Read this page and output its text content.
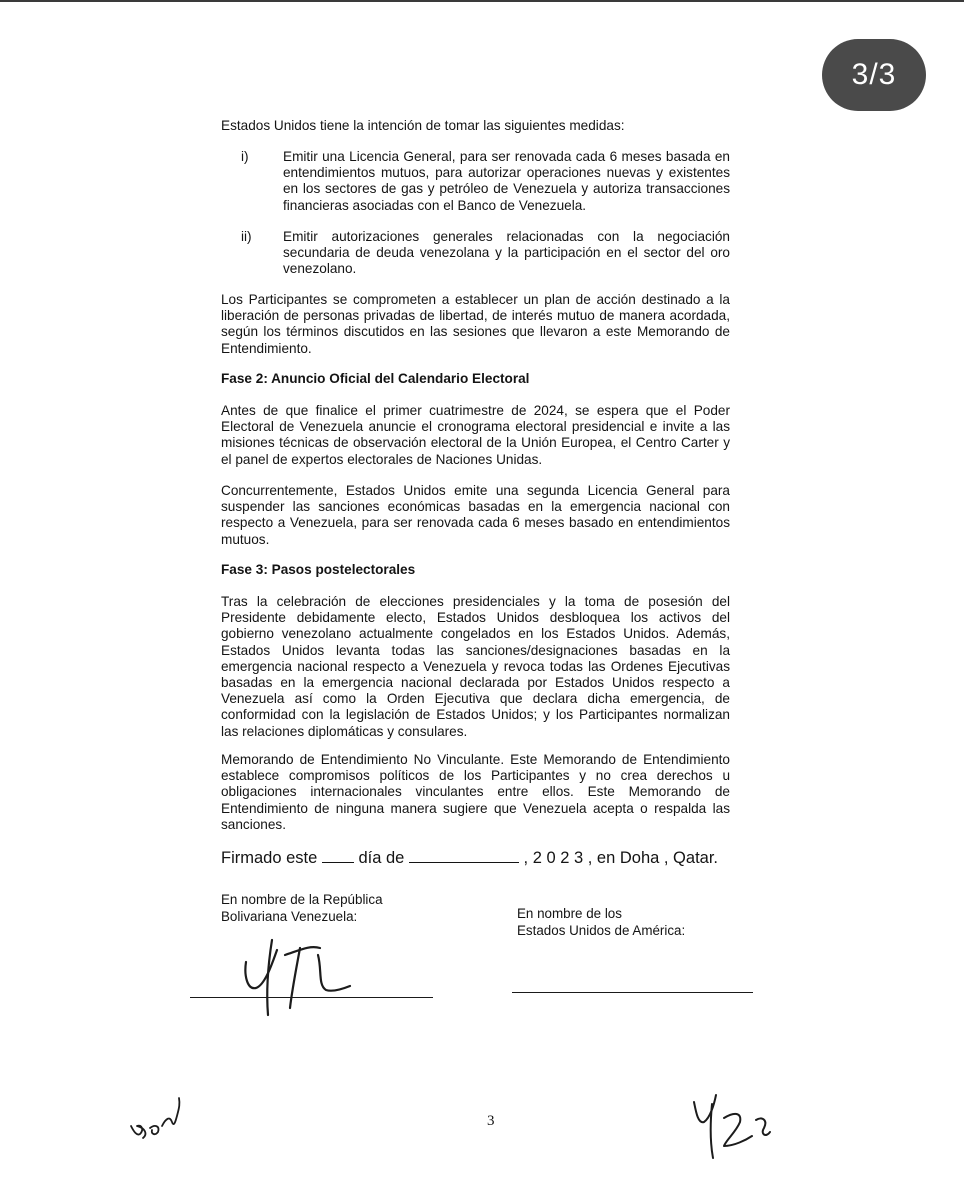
3/3
Estados Unidos tiene la intención de tomar las siguientes medidas:
i)	Emitir una Licencia General, para ser renovada cada 6 meses basada en entendimientos mutuos, para autorizar operaciones nuevas y existentes en los sectores de gas y petróleo de Venezuela y autoriza transacciones financieras asociadas con el Banco de Venezuela.
ii) Emitir autorizaciones generales relacionadas con la negociación secundaria de deuda venezolana y la participación en el sector del oro venezolano.
Los Participantes se comprometen a establecer un plan de acción destinado a la liberación de personas privadas de libertad, de interés mutuo de manera acordada, según los términos discutidos en las sesiones que llevaron a este Memorando de Entendimiento.
Fase 2: Anuncio Oficial del Calendario Electoral
Antes de que finalice el primer cuatrimestre de 2024, se espera que el Poder Electoral de Venezuela anuncie el cronograma electoral presidencial e invite a las misiones técnicas de observación electoral de la Unión Europea, el Centro Carter y el panel de expertos electorales de Naciones Unidas.
Concurrentemente, Estados Unidos emite una segunda Licencia General para suspender las sanciones económicas basadas en la emergencia nacional con respecto a Venezuela, para ser renovada cada 6 meses basado en entendimientos mutuos.
Fase 3: Pasos postelectorales
Tras la celebración de elecciones presidenciales y la toma de posesión del Presidente debidamente electo, Estados Unidos desbloquea los activos del gobierno venezolano actualmente congelados en los Estados Unidos. Además, Estados Unidos levanta todas las sanciones/designaciones basadas en la emergencia nacional respecto a Venezuela y revoca todas las Ordenes Ejecutivas basadas en la emergencia nacional declarada por Estados Unidos respecto a Venezuela así como la Orden Ejecutiva que declara dicha emergencia, de conformidad con la legislación de Estados Unidos; y los Participantes normalizan las relaciones diplomáticas y consulares.
Memorando de Entendimiento No Vinculante. Este Memorando de Entendimiento establece compromisos políticos de los Participantes y no crea derechos u obligaciones internacionales vinculantes entre ellos. Este Memorando de Entendimiento de ninguna manera sugiere que Venezuela acepta o respalda las sanciones.
Firmado este día de	, 2 0 2 3 , en Doha , Qatar.
En nombre de la República
Bolivariana Venezuela:	En nombre de los
Estados Unidos de América:
3
